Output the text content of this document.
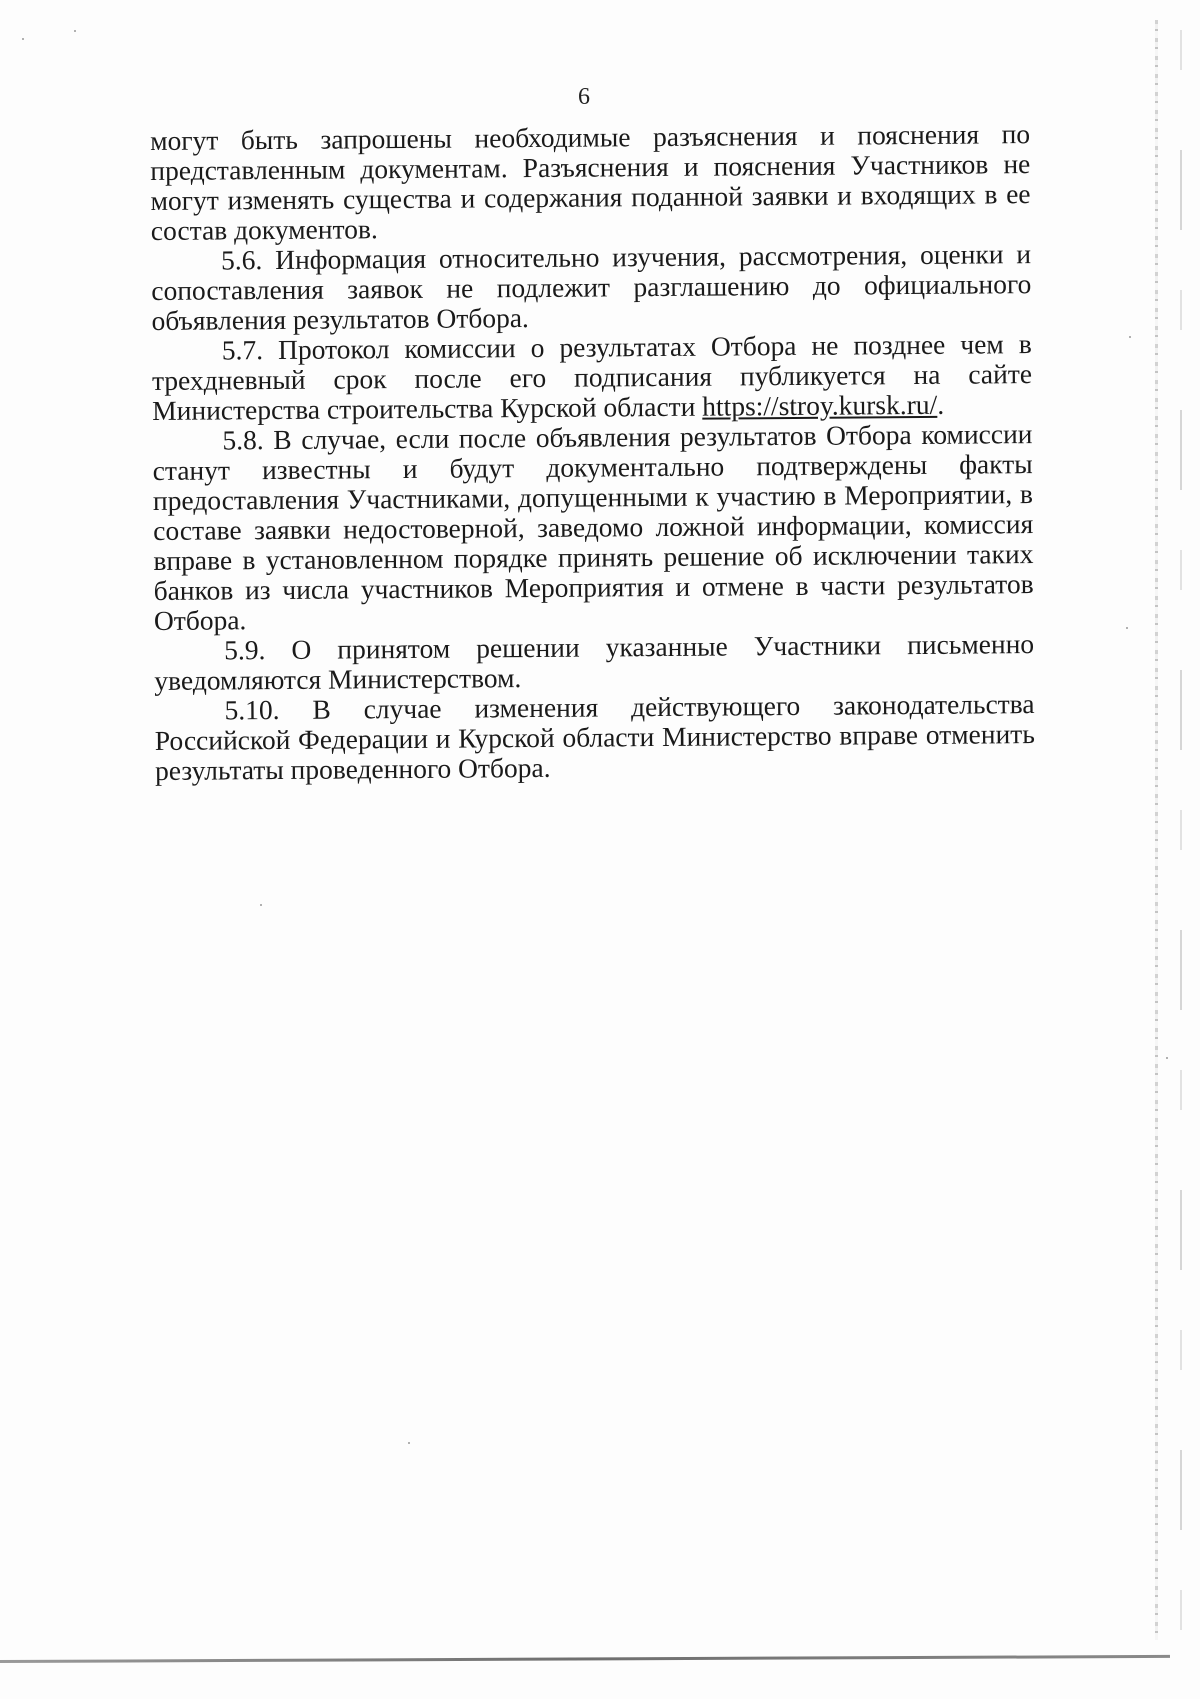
6

могут быть запрошены необходимые разъяснения и пояснения по представленным документам. Разъяснения и пояснения Участников не могут изменять существа и содержания поданной заявки и входящих в ее состав документов.

5.6. Информация относительно изучения, рассмотрения, оценки и сопоставления заявок не подлежит разглашению до официального объявления результатов Отбора.

5.7. Протокол комиссии о результатах Отбора не позднее чем в трехдневный срок после его подписания публикуется на сайте Министерства строительства Курской области https://stroy.kursk.ru/.

5.8. В случае, если после объявления результатов Отбора комиссии станут известны и будут документально подтверждены факты предоставления Участниками, допущенными к участию в Мероприятии, в составе заявки недостоверной, заведомо ложной информации, комиссия вправе в установленном порядке принять решение об исключении таких банков из числа участников Мероприятия и отмене в части результатов Отбора.

5.9. О принятом решении указанные Участники письменно уведомляются Министерством.

5.10. В случае изменения действующего законодательства Российской Федерации и Курской области Министерство вправе отменить результаты проведенного Отбора.
